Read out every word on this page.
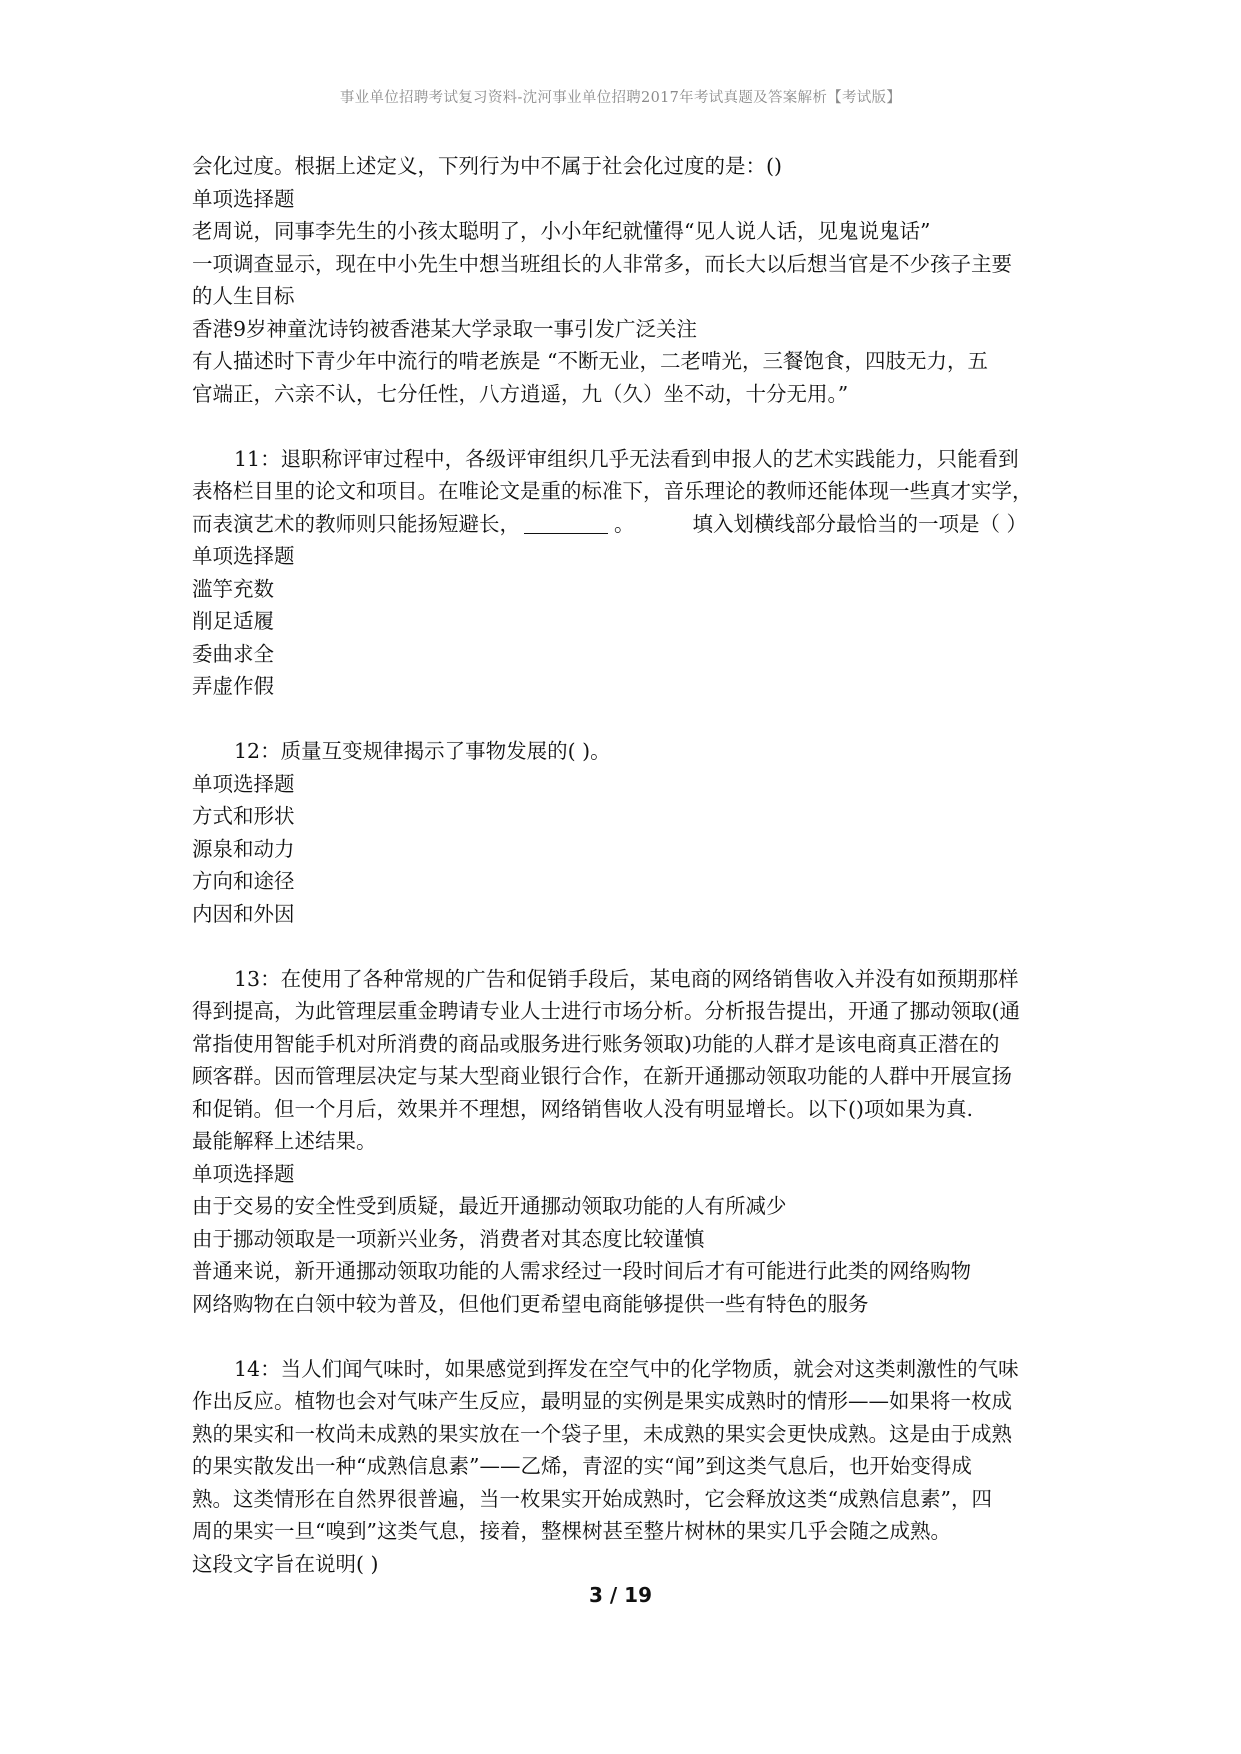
事业单位招聘考试复习资料-沈河事业单位招聘2017年考试真题及答案解析【考试版】
会化过度。根据上述定义，下列行为中不属于社会化过度的是：()
单项选择题
老周说，同事李先生的小孩太聪明了，小小年纪就懂得“见人说人话，见鬼说鬼话”
一项调查显示，现在中小先生中想当班组长的人非常多，而长大以后想当官是不少孩子主要
的人生目标
香港9岁神童沈诗钧被香港某大学录取一事引发广泛关注
有人描述时下青少年中流行的啃老族是 “不断无业，二老啃光，三餐饱食，四肢无力，五
官端正，六亲不认，七分任性，八方逍遥，九（久）坐不动，十分无用。”
11：退职称评审过程中，各级评审组织几乎无法看到申报人的艺术实践能力，只能看到
表格栏目里的论文和项目。在唯论文是重的标准下，音乐理论的教师还能体现一些真才实学，
而表演艺术的教师则只能扬短避长，	。	填入划横线部分最恰当的一项是（ ）
单项选择题
滥竽充数
削足适履
委曲求全
弄虚作假
12：质量互变规律揭示了事物发展的( )。
单项选择题
方式和形状
源泉和动力
方向和途径
内因和外因
13：在使用了各种常规的广告和促销手段后，某电商的网络销售收入并没有如预期那样
得到提高，为此管理层重金聘请专业人士进行市场分析。分析报告提出，开通了挪动领取(通
常指使用智能手机对所消费的商品或服务进行账务领取)功能的人群才是该电商真正潜在的
顾客群。因而管理层决定与某大型商业银行合作，在新开通挪动领取功能的人群中开展宣扬
和促销。但一个月后，效果并不理想，网络销售收人没有明显增长。以下()项如果为真.
最能解释上述结果。
单项选择题
由于交易的安全性受到质疑，最近开通挪动领取功能的人有所减少
由于挪动领取是一项新兴业务，消费者对其态度比较谨慎
普通来说，新开通挪动领取功能的人需求经过一段时间后才有可能进行此类的网络购物
网络购物在白领中较为普及，但他们更希望电商能够提供一些有特色的服务
14：当人们闻气味时，如果感觉到挥发在空气中的化学物质，就会对这类刺激性的气味
作出反应。植物也会对气味产生反应，最明显的实例是果实成熟时的情形——如果将一枚成
熟的果实和一枚尚未成熟的果实放在一个袋子里，未成熟的果实会更快成熟。这是由于成熟
的果实散发出一种“成熟信息素”——乙烯，青涩的实“闻”到这类气息后，也开始变得成
熟。这类情形在自然界很普遍，当一枚果实开始成熟时，它会释放这类“成熟信息素”，四
周的果实一旦“嗅到”这类气息，接着，整棵树甚至整片树林的果实几乎会随之成熟。
这段文字旨在说明( )
3 / 19
